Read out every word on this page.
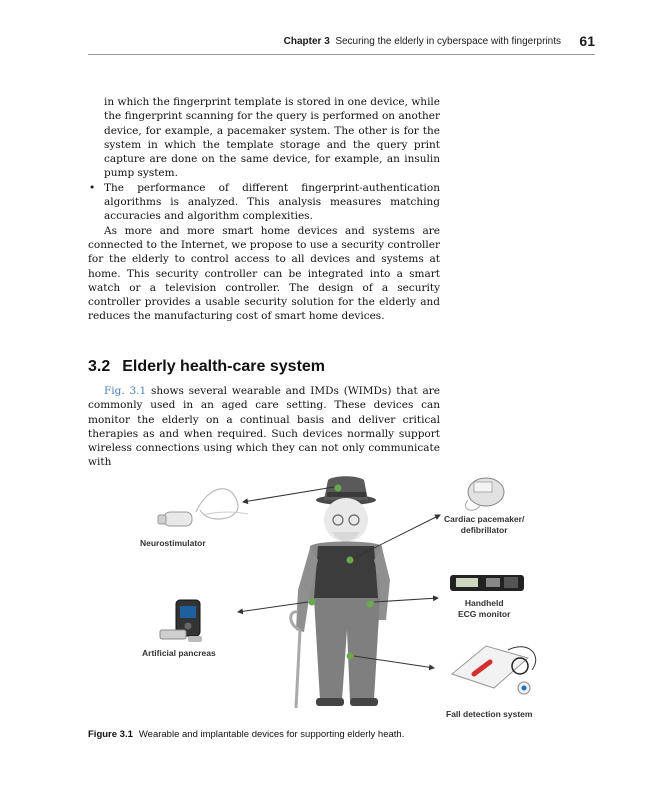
Chapter 3 Securing the elderly in cyberspace with fingerprints 61

in which the fingerprint template is stored in one device, while the fingerprint scanning for the query is performed on another device, for example, a pacemaker system. The other is for the system in which the template storage and the query print capture are done on the same device, for example, an insulin pump system.

• The performance of different fingerprint-authentication algorithms is analyzed. This analysis measures matching accuracies and algorithm complexities.

As more and more smart home devices and systems are connected to the Internet, we propose to use a security controller for the elderly to control access to all devices and systems at home. This security controller can be integrated into a smart watch or a television controller. The design of a security controller provides a usable security solution for the elderly and reduces the manufacturing cost of smart home devices.

3.2 Elderly health-care system

Fig. 3.1 shows several wearable and IMDs (WIMDs) that are commonly used in an aged care setting. These devices can monitor the elderly on a continual basis and deliver critical therapies as and when required. Such devices normally support wireless connections using which they can not only communicate with

Neurostimulator
Artificial pancreas
Cardiac pacemaker/
defibrillator
Handheld
ECG monitor
Fall detection system
Figure 3.1 Wearable and implantable devices for supporting elderly heath.
